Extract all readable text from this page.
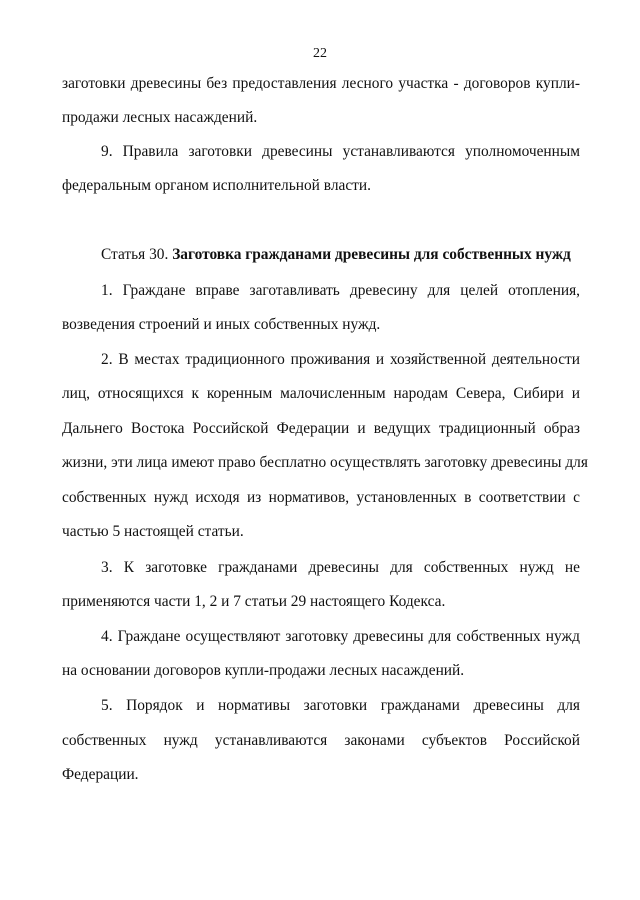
22
заготовки древесины без предоставления лесного участка - договоров купли-
продажи лесных насаждений.
9. Правила заготовки древесины устанавливаются уполномоченным
федеральным органом исполнительной власти.
Статья 30. Заготовка гражданами древесины для собственных нужд
1. Граждане вправе заготавливать древесину для целей отопления,
возведения строений и иных собственных нужд.
2. В местах традиционного проживания и хозяйственной деятельности
лиц, относящихся к коренным малочисленным народам Севера, Сибири и
Дальнего Востока Российской Федерации и ведущих традиционный образ
жизни, эти лица имеют право бесплатно осуществлять заготовку древесины для
собственных нужд исходя из нормативов, установленных в соответствии с
частью 5 настоящей статьи.
3. К заготовке гражданами древесины для собственных нужд не
применяются части 1, 2 и 7 статьи 29 настоящего Кодекса.
4. Граждане осуществляют заготовку древесины для собственных нужд
на основании договоров купли-продажи лесных насаждений.
5. Порядок и нормативы заготовки гражданами древесины для
собственных нужд устанавливаются законами субъектов Российской
Федерации.
